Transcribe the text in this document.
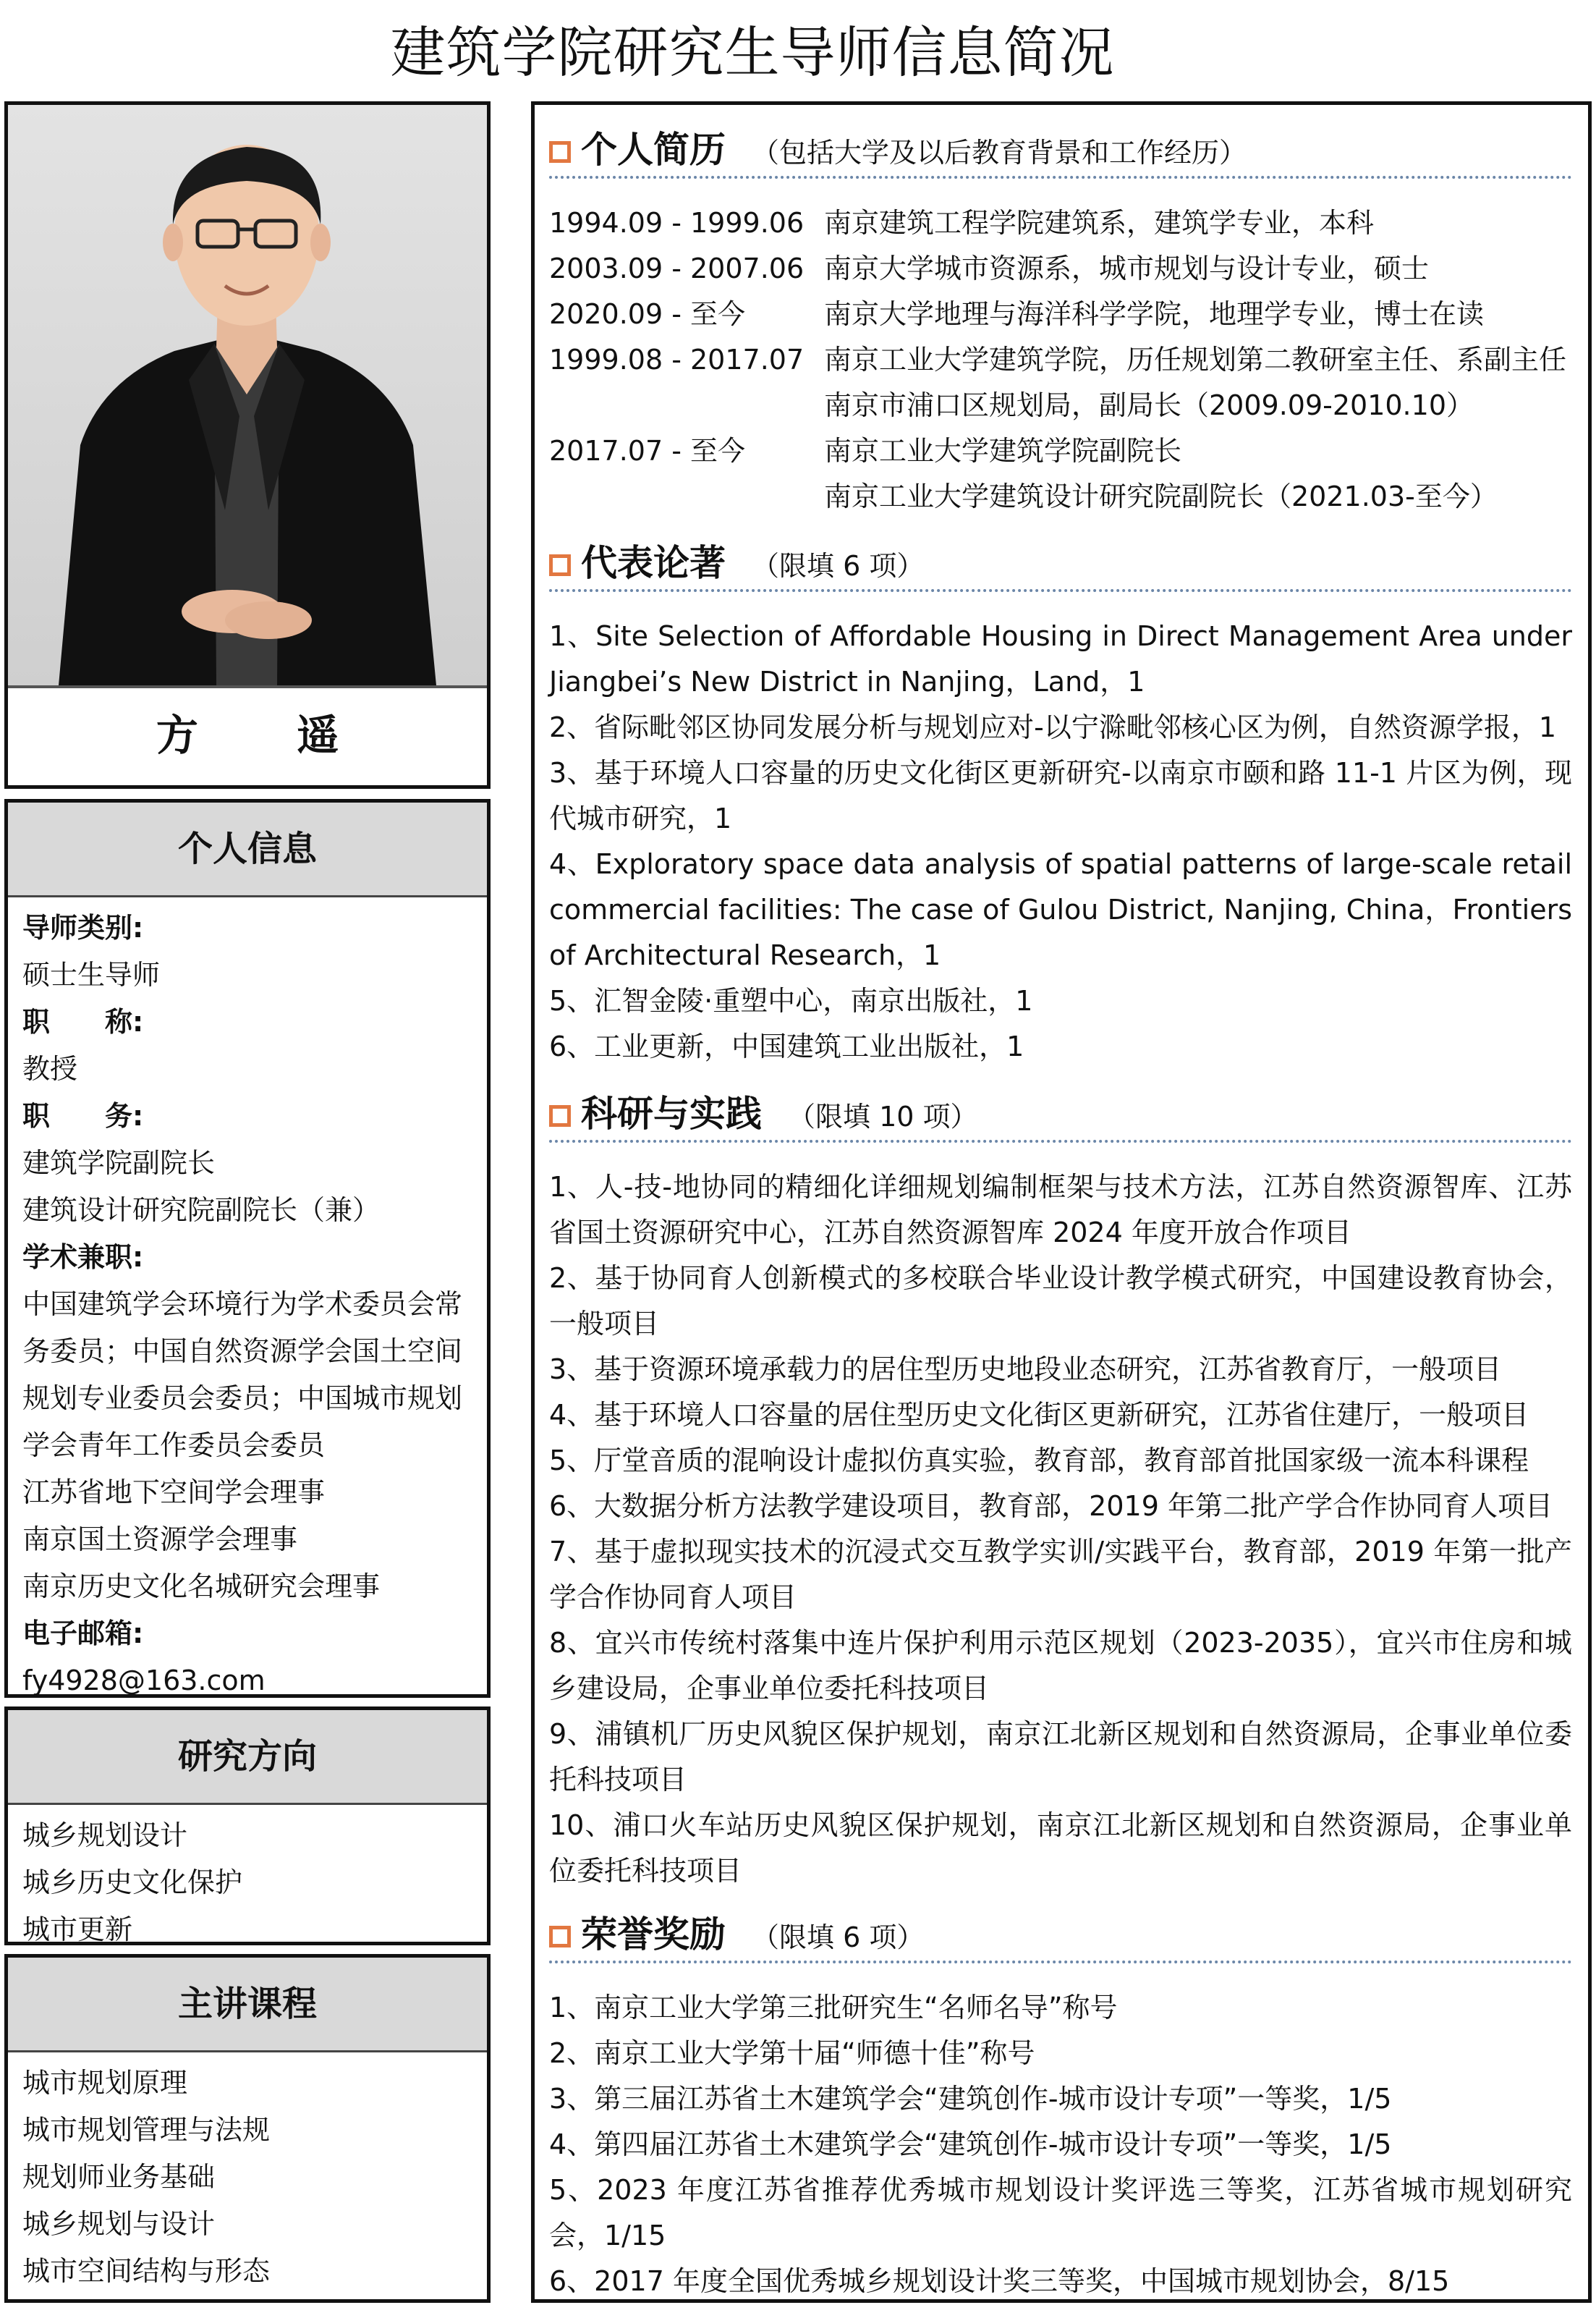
建筑学院研究生导师信息简况
方 遥
个人信息
导师类别:
硕士生导师
职　　称:
教授
职　　务:
建筑学院副院长
建筑设计研究院副院长（兼）
学术兼职:
中国建筑学会环境行为学术委员会常务委员；中国自然资源学会国土空间规划专业委员会委员；中国城市规划学会青年工作委员会委员
江苏省地下空间学会理事
南京国土资源学会理事
南京历史文化名城研究会理事
电子邮箱:
fy4928@163.com
研究方向
城乡规划设计
城乡历史文化保护
城市更新
主讲课程
城市规划原理
城市规划管理与法规
规划师业务基础
城乡规划与设计
城市空间结构与形态
个人简历 （包括大学及以后教育背景和工作经历）
1994.09 - 1999.06 南京建筑工程学院建筑系，建筑学专业，本科
2003.09 - 2007.06 南京大学城市资源系，城市规划与设计专业，硕士
2020.09 - 至今	南京大学地理与海洋科学学院，地理学专业，博士在读
1999.08 - 2017.07 南京工业大学建筑学院，历任规划第二教研室主任、系副主任
南京市浦口区规划局，副局长（2009.09-2010.10）
2017.07 - 至今	南京工业大学建筑学院副院长
南京工业大学建筑设计研究院副院长（2021.03-至今）
代表论著 （限填 6 项）
1、Site Selection of Affordable Housing in Direct Management Area under Jiangbei’s New District in Nanjing，Land，1
2、省际毗邻区协同发展分析与规划应对-以宁滁毗邻核心区为例，自然资源学报，1
3、基于环境人口容量的历史文化街区更新研究-以南京市颐和路 11-1 片区为例，现代城市研究，1
4、Exploratory space data analysis of spatial patterns of large-scale retail commercial facilities: The case of Gulou District, Nanjing, China，Frontiers of Architectural Research，1
5、汇智金陵·重塑中心，南京出版社，1
6、工业更新，中国建筑工业出版社，1
科研与实践 （限填 10 项）
1、人-技-地协同的精细化详细规划编制框架与技术方法，江苏自然资源智库、江苏省国土资源研究中心，江苏自然资源智库 2024 年度开放合作项目
2、基于协同育人创新模式的多校联合毕业设计教学模式研究，中国建设教育协会，一般项目
3、基于资源环境承载力的居住型历史地段业态研究，江苏省教育厅，一般项目
4、基于环境人口容量的居住型历史文化街区更新研究，江苏省住建厅，一般项目
5、厅堂音质的混响设计虚拟仿真实验，教育部，教育部首批国家级一流本科课程
6、大数据分析方法教学建设项目，教育部，2019 年第二批产学合作协同育人项目
7、基于虚拟现实技术的沉浸式交互教学实训/实践平台，教育部，2019 年第一批产学合作协同育人项目
8、宜兴市传统村落集中连片保护利用示范区规划（2023-2035），宜兴市住房和城乡建设局，企事业单位委托科技项目
9、浦镇机厂历史风貌区保护规划，南京江北新区规划和自然资源局，企事业单位委托科技项目
10、浦口火车站历史风貌区保护规划，南京江北新区规划和自然资源局，企事业单位委托科技项目
荣誉奖励 （限填 6 项）
1、南京工业大学第三批研究生“名师名导”称号
2、南京工业大学第十届“师德十佳”称号
3、第三届江苏省土木建筑学会“建筑创作-城市设计专项”一等奖，1/5
4、第四届江苏省土木建筑学会“建筑创作-城市设计专项”一等奖，1/5
5、2023 年度江苏省推荐优秀城市规划设计奖评选三等奖，江苏省城市规划研究会，1/15
6、2017 年度全国优秀城乡规划设计奖三等奖，中国城市规划协会，8/15
